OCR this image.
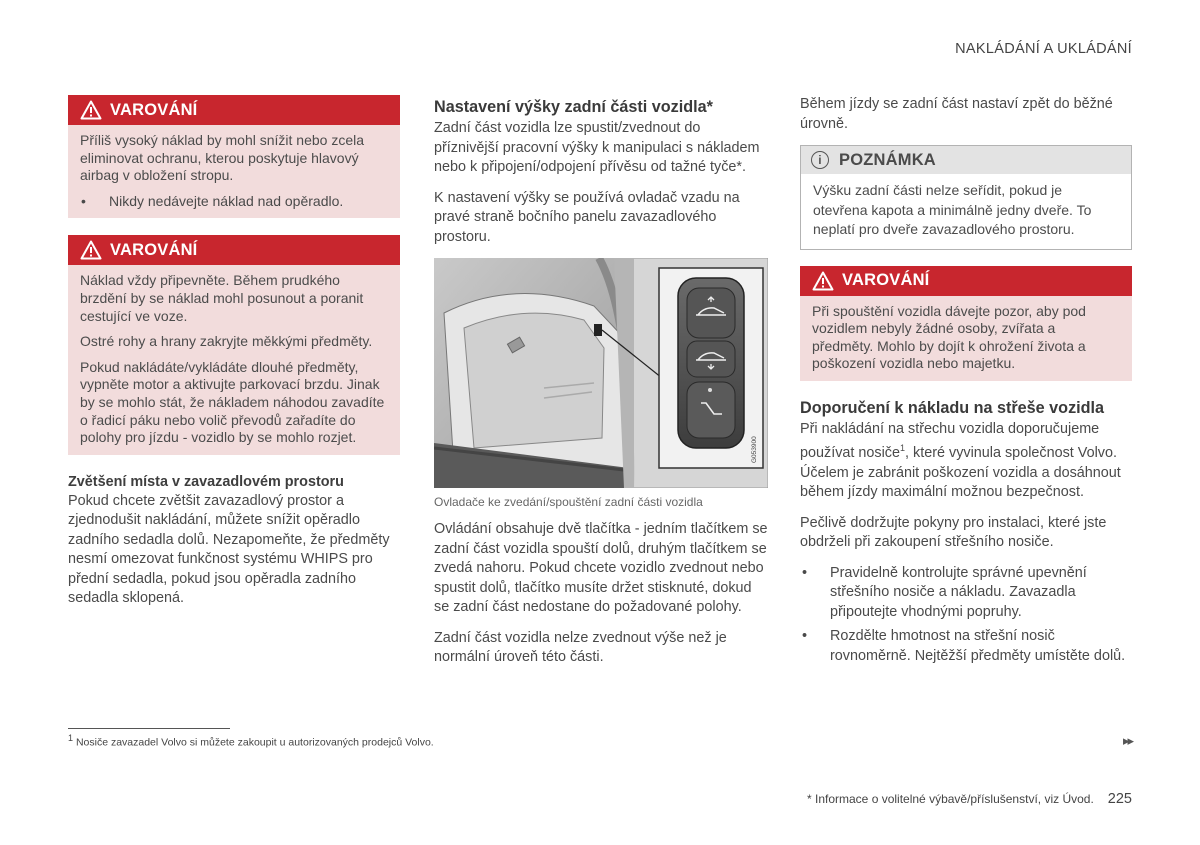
NAKLÁDÁNÍ A UKLÁDÁNÍ
VAROVÁNÍ

Příliš vysoký náklad by mohl snížit nebo zcela eliminovat ochranu, kterou poskytuje hlavový airbag v obložení stropu.

•	Nikdy nedávejte náklad nad opěradlo.
VAROVÁNÍ

Náklad vždy připevněte. Během prudkého brzdění by se náklad mohl posunout a poranit cestující ve voze.

Ostré rohy a hrany zakryjte měkkými předměty.

Pokud nakládáte/vykládáte dlouhé předměty, vypněte motor a aktivujte parkovací brzdu. Jinak by se mohlo stát, že nákladem náhodou zavadíte o řadicí páku nebo volič převodů zařadíte do polohy pro jízdu - vozidlo by se mohlo rozjet.

Zvětšení místa v zavazadlovém prostoru

Pokud chcete zvětšit zavazadlový prostor a zjednodušit nakládání, můžete snížit opěradlo zadního sedadla dolů. Nezapomeňte, že předměty nesmí omezovat funkčnost systému WHIPS pro přední sedadla, pokud jsou opěradla zadního sedadla sklopená.

Nastavení výšky zadní části vozidla*

Zadní část vozidla lze spustit/zvednout do příznivější pracovní výšky k manipulaci s nákladem nebo k připojení/odpojení přívěsu od tažné tyče*.

K nastavení výšky se používá ovladač vzadu na pravé straně bočního panelu zavazadlového prostoru.

G053900
Ovladače ke zvedání/spouštění zadní části vozidla

Ovládání obsahuje dvě tlačítka - jedním tlačítkem se zadní část vozidla spouští dolů, druhým tlačítkem se zvedá nahoru. Pokud chcete vozidlo zvednout nebo spustit dolů, tlačítko musíte držet stisknuté, dokud se zadní část nedostane do požadované polohy.

Zadní část vozidla nelze zvednout výše než je normální úroveň této části.

Během jízdy se zadní část nastaví zpět do běžné úrovně.

i	POZNÁMKA

Výšku zadní části nelze seřídit, pokud je otevřena kapota a minimálně jedny dveře. To neplatí pro dveře zavazadlového prostoru.

VAROVÁNÍ

Při spouštění vozidla dávejte pozor, aby pod vozidlem nebyly žádné osoby, zvířata a předměty. Mohlo by dojít k ohrožení života a poškození vozidla nebo majetku.

Doporučení k nákladu na střeše vozidla

Při nakládání na střechu vozidla doporučujeme používat nosiče$^1$, které vyvinula společnost Volvo. Účelem je zabránit poškození vozidla a dosáhnout během jízdy maximální možnou bezpečnost.

Pečlivě dodržujte pokyny pro instalaci, které jste obdrželi při zakoupení střešního nosiče.

•	Pravidelně kontrolujte správné upevnění střešního nosiče a nákladu. Zavazadla připoutejte vhodnými popruhy.
•	Rozdělte hmotnost na střešní nosič rovnoměrně. Nejtěžší předměty umístěte dolů.
$^1$ Nosiče zavazadel Volvo si můžete zakoupit u autorizovaných prodejců Volvo.	▸▸
* Informace o volitelné výbavě/příslušenství, viz Úvod. 225
